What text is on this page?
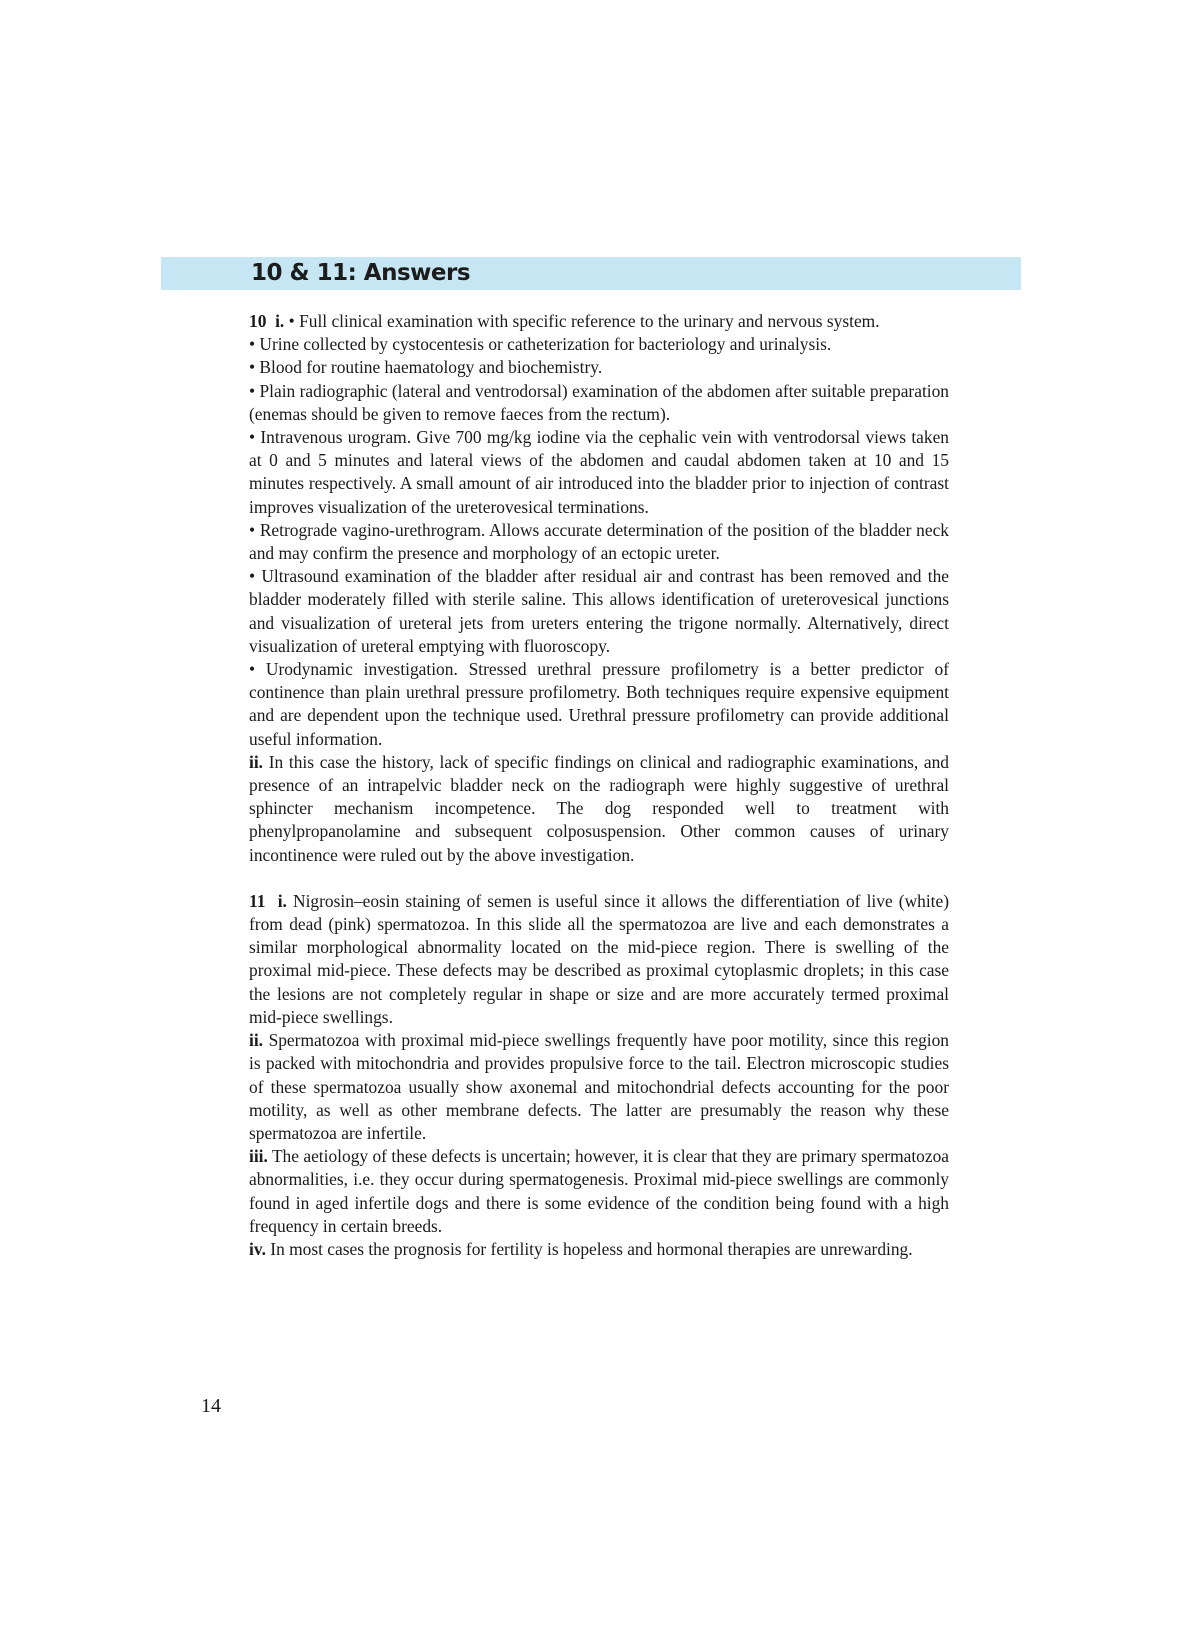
10 & 11: Answers

10 i. • Full clinical examination with specific reference to the urinary and nervous system.

• Urine collected by cystocentesis or catheterization for bacteriology and urinalysis.

• Blood for routine haematology and biochemistry.

• Plain radiographic (lateral and ventrodorsal) examination of the abdomen after suitable preparation (enemas should be given to remove faeces from the rectum).

• Intravenous urogram. Give 700 mg/kg iodine via the cephalic vein with ventrodorsal views taken at 0 and 5 minutes and lateral views of the abdomen and caudal abdomen taken at 10 and 15 minutes respectively. A small amount of air introduced into the bladder prior to injection of contrast improves visualization of the ureterovesical terminations.

• Retrograde vagino-urethrogram. Allows accurate determination of the position of the bladder neck and may confirm the presence and morphology of an ectopic ureter.

• Ultrasound examination of the bladder after residual air and contrast has been removed and the bladder moderately filled with sterile saline. This allows identification of ureterovesical junctions and visualization of ureteral jets from ureters entering the trigone normally. Alternatively, direct visualization of ureteral emptying with fluoroscopy.

• Urodynamic investigation. Stressed urethral pressure profilometry is a better predictor of continence than plain urethral pressure profilometry. Both techniques require expensive equipment and are dependent upon the technique used. Urethral pressure profilometry can provide additional useful information.

ii. In this case the history, lack of specific findings on clinical and radiographic examinations, and presence of an intrapelvic bladder neck on the radiograph were highly suggestive of urethral sphincter mechanism incompetence. The dog responded well to treatment with phenylpropanolamine and subsequent colposuspension. Other common causes of urinary incontinence were ruled out by the above investigation.

11 i. Nigrosin–eosin staining of semen is useful since it allows the differentiation of live (white) from dead (pink) spermatozoa. In this slide all the spermatozoa are live and each demonstrates a similar morphological abnormality located on the mid-piece region. There is swelling of the proximal mid-piece. These defects may be described as proximal cytoplasmic droplets; in this case the lesions are not completely regular in shape or size and are more accurately termed proximal mid-piece swellings.

ii. Spermatozoa with proximal mid-piece swellings frequently have poor motility, since this region is packed with mitochondria and provides propulsive force to the tail. Electron microscopic studies of these spermatozoa usually show axonemal and mitochondrial defects accounting for the poor motility, as well as other membrane defects. The latter are presumably the reason why these spermatozoa are infertile.

iii. The aetiology of these defects is uncertain; however, it is clear that they are primary spermatozoa abnormalities, i.e. they occur during spermatogenesis. Proximal mid-piece swellings are commonly found in aged infertile dogs and there is some evidence of the condition being found with a high frequency in certain breeds.

iv. In most cases the prognosis for fertility is hopeless and hormonal therapies are unrewarding.

14
